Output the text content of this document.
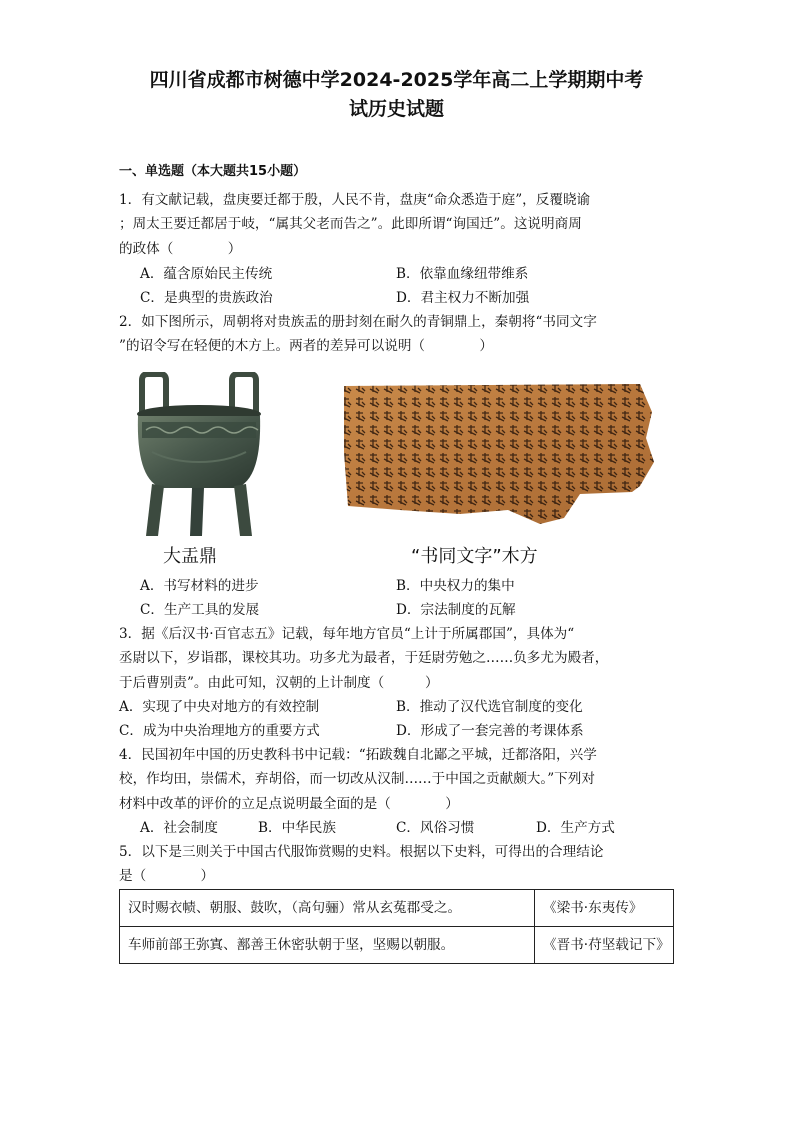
四川省成都市树德中学2024-2025学年高二上学期期中考
试历史试题
一、单选题（本大题共15小题）
1．有文献记载，盘庚要迁都于殷，人民不肯，盘庚“命众悉造于庭”，反覆晓谕
；周太王要迁都居于岐，“属其父老而告之”。此即所谓“询国迁”。这说明商周
的政体（　　　　）
A．蕴含原始民主传统	B．依靠血缘纽带维系
C．是典型的贵族政治	D．君主权力不断加强
2．如下图所示，周朝将对贵族盂的册封刻在耐久的青铜鼎上，秦朝将“书同文字
”的诏令写在轻便的木方上。两者的差异可以说明（　　　　）
大盂鼎	“书同文字”木方
A．书写材料的进步	B．中央权力的集中
C．生产工具的发展	D．宗法制度的瓦解
3．据《后汉书·百官志五》记载，每年地方官员“上计于所属郡国”，具体为“
丞尉以下，岁诣郡，课校其功。功多尤为最者，于廷尉劳勉之……负多尤为殿者，
于后曹别责”。由此可知，汉朝的上计制度（　　　）
A．实现了中央对地方的有效控制	B．推动了汉代选官制度的变化
C．成为中央治理地方的重要方式	D．形成了一套完善的考课体系
4．民国初年中国的历史教科书中记载：“拓跋魏自北鄙之平城，迁都洛阳，兴学
校，作均田，崇儒术，弃胡俗，而一切改从汉制……于中国之贡献颇大。”下列对
材料中改革的评价的立足点说明最全面的是（　　　　）
A．社会制度	B．中华民族	C．风俗习惯	D．生产方式
5．以下是三则关于中国古代服饰赏赐的史料。根据以下史料，可得出的合理结论
是（　　　　）
汉时赐衣帻、朝服、鼓吹，（高句骊）常从玄菟郡受之。	《梁书·东夷传》
车师前部王弥寘、鄯善王休密驮朝于坚，坚赐以朝服。	《晋书·苻坚载记下》
